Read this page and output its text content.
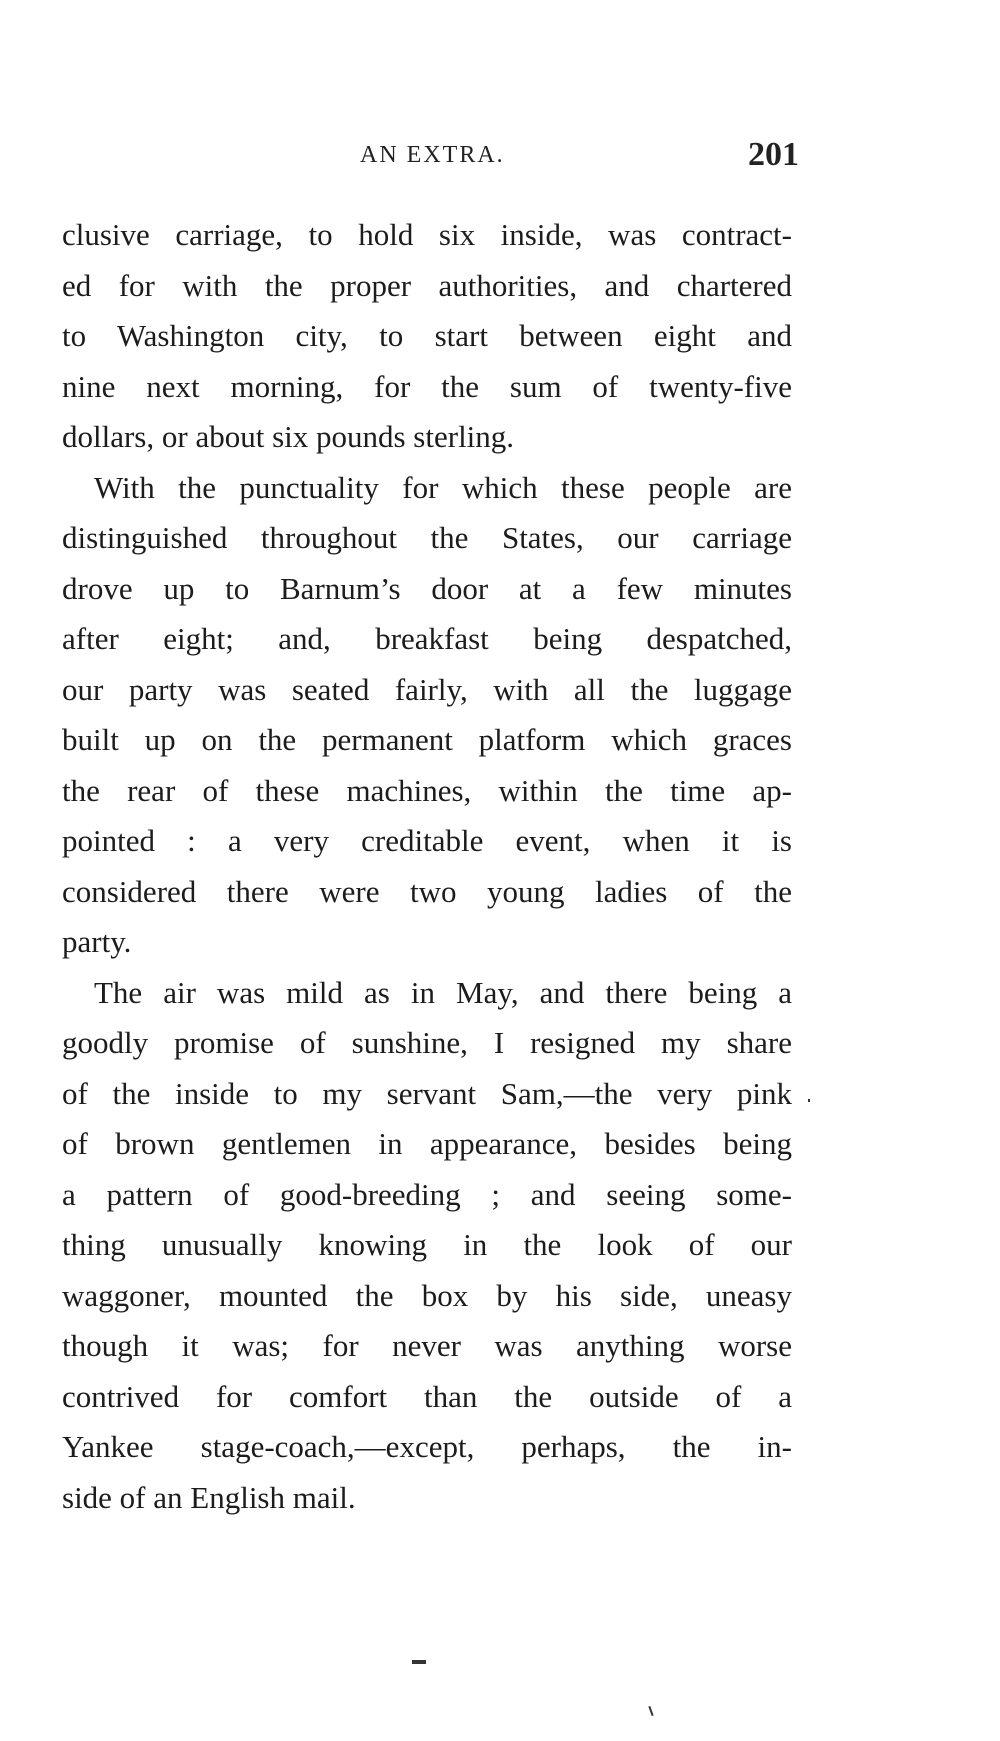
AN EXTRA.	201
clusive carriage, to hold six inside, was contract-
ed for with the proper authorities, and chartered
to Washington city, to start between eight and
nine next morning, for the sum of twenty-five
dollars, or about six pounds sterling.
With the punctuality for which these people are
distinguished throughout the States, our carriage
drove up to Barnum’s door at a few minutes
after eight; and, breakfast being despatched,
our party was seated fairly, with all the luggage
built up on the permanent platform which graces
the rear of these machines, within the time ap-
pointed : a very creditable event, when it is
considered there were two young ladies of the
party.
The air was mild as in May, and there being a
goodly promise of sunshine, I resigned my share
of the inside to my servant Sam,—the very pink
of brown gentlemen in appearance, besides being
a pattern of good-breeding ; and seeing some-
thing unusually knowing in the look of our
waggoner, mounted the box by his side, uneasy
though it was; for never was anything worse
contrived for comfort than the outside of a
Yankee stage-coach,—except, perhaps, the in-
side of an English mail.
